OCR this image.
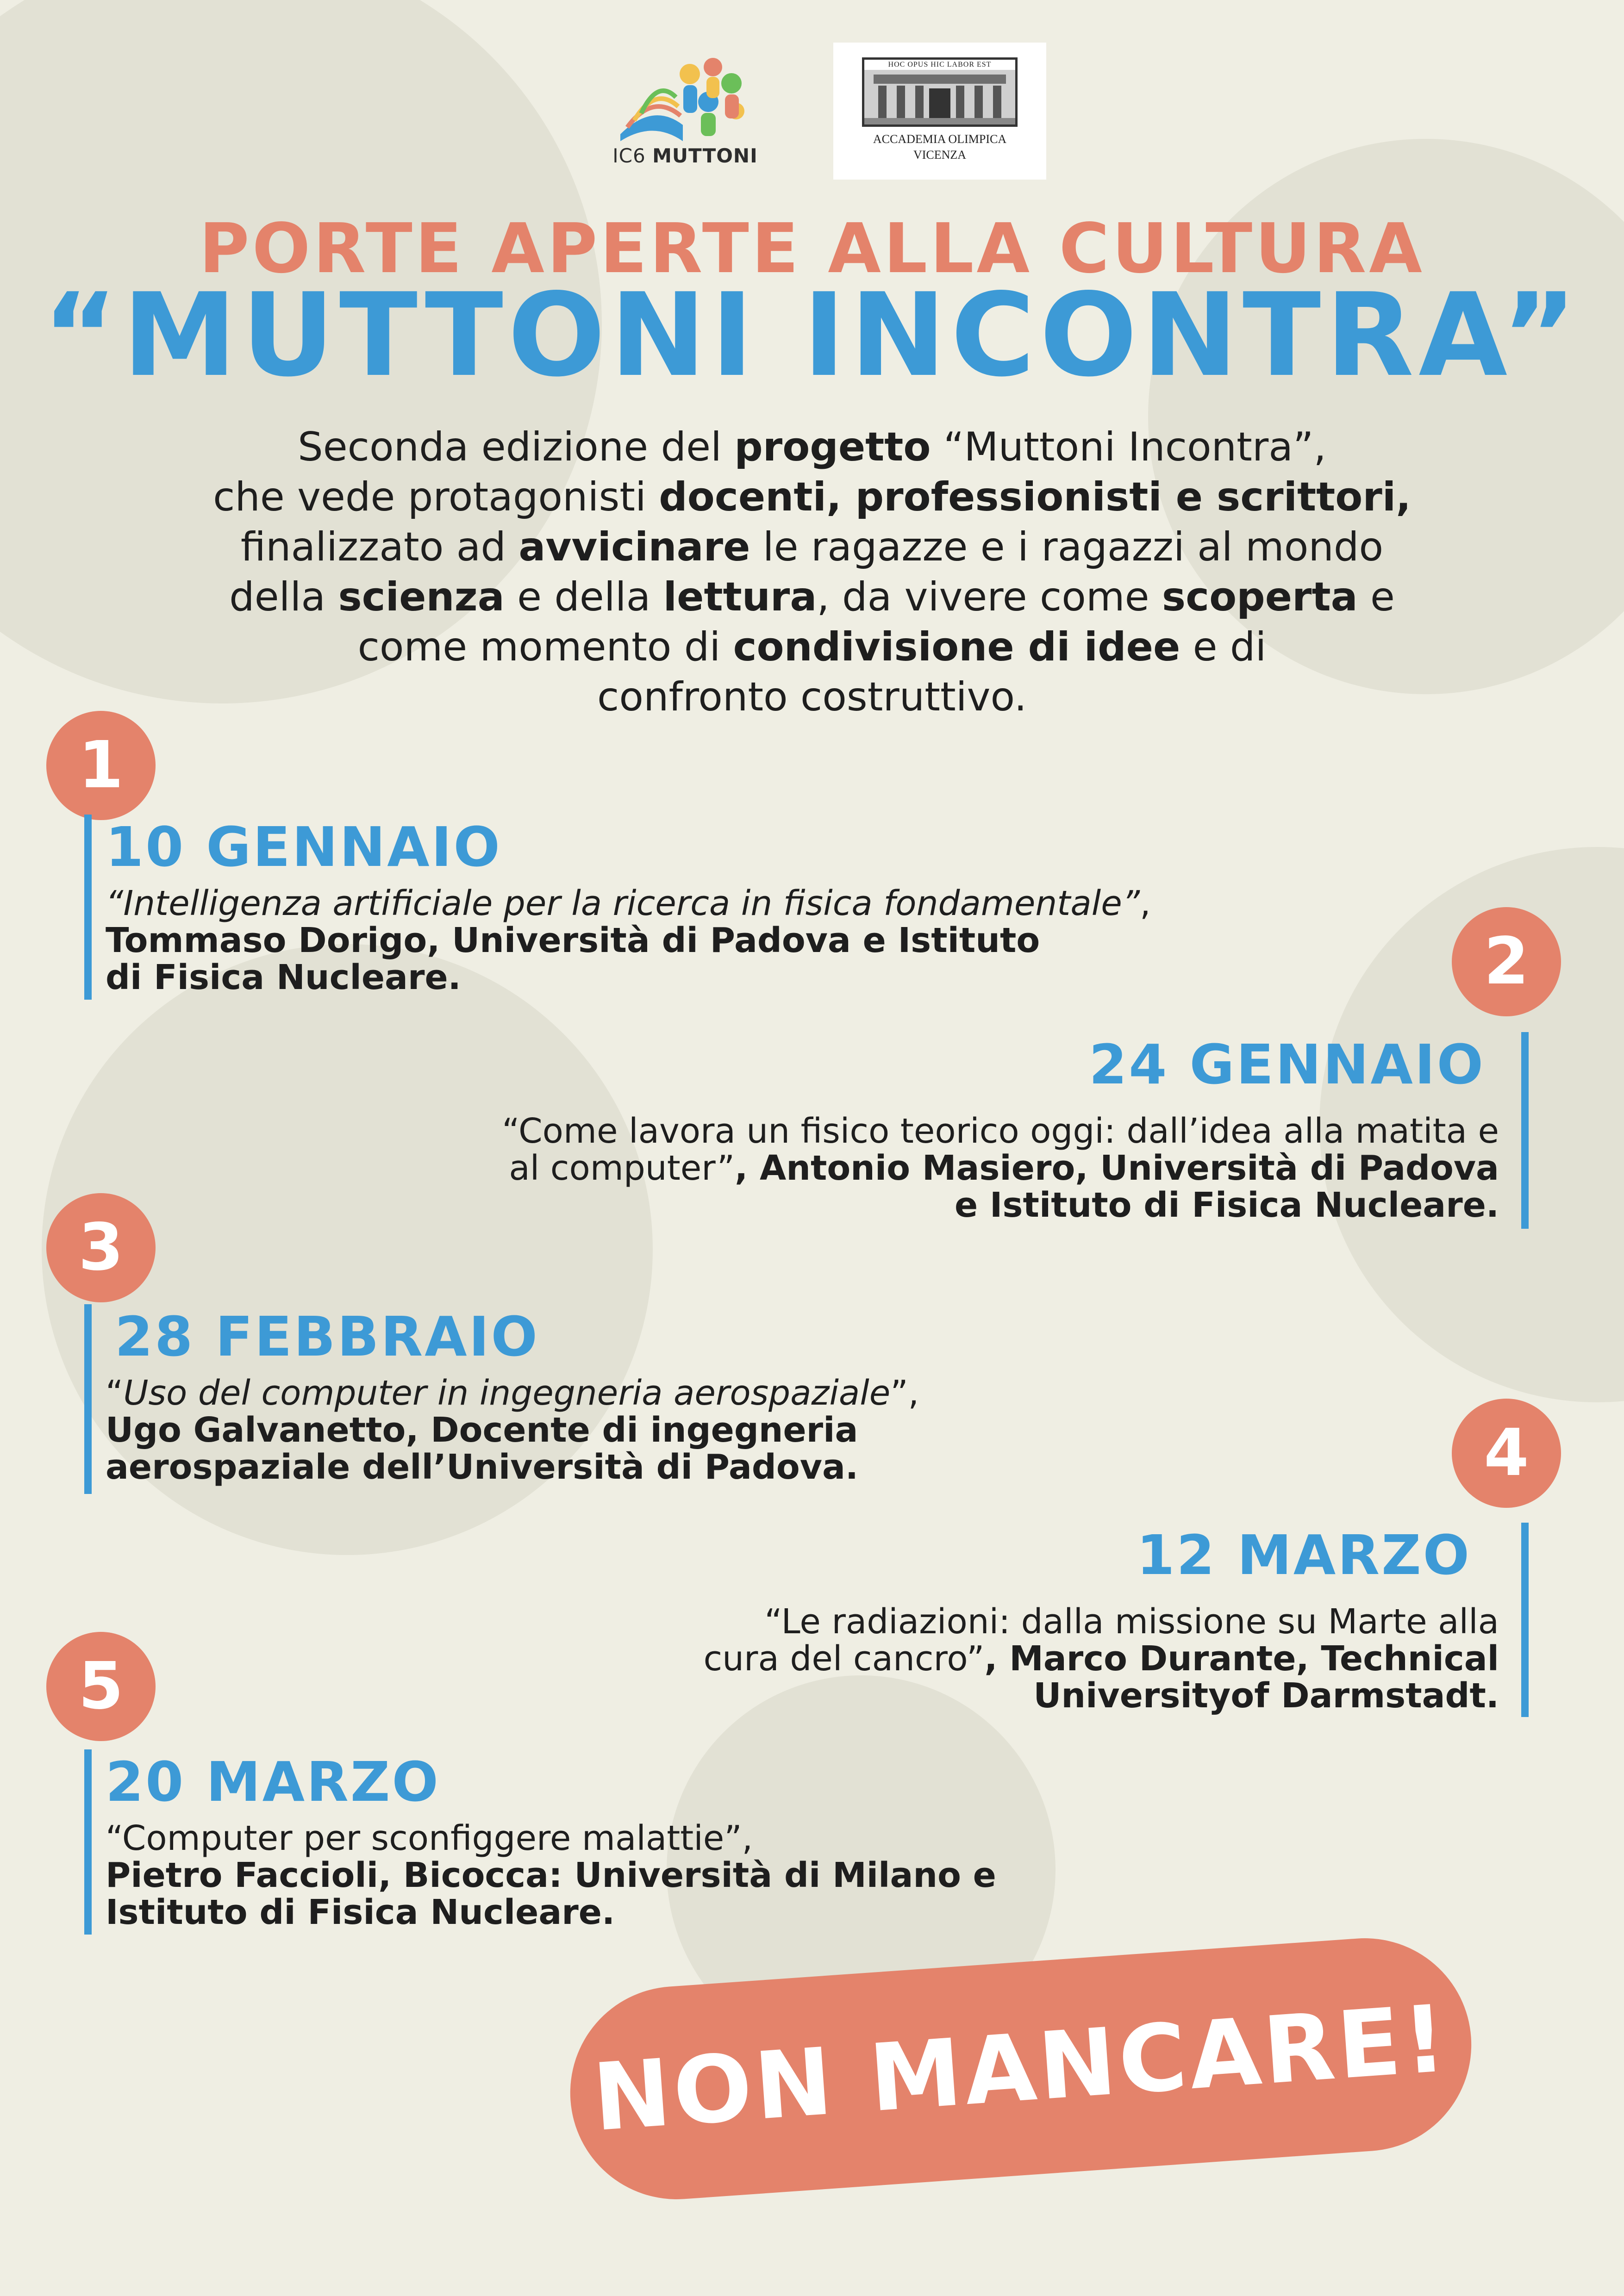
IC6 MUTTONI
HOC OPUS HIC LABOR EST
ACCADEMIA OLIMPICA
VICENZA
PORTE APERTE ALLA CULTURA
“MUTTONI INCONTRA”
Seconda edizione del progetto “Muttoni Incontra”,
che vede protagonisti docenti, professionisti e scrittori,
finalizzato ad avvicinare le ragazze e i ragazzi al mondo
della scienza e della lettura, da vivere come scoperta e
come momento di condivisione di idee e di
confronto costruttivo.
1
10 GENNAIO
“Intelligenza artificiale per la ricerca in fisica fondamentale”,
Tommaso Dorigo, Università di Padova e Istituto
di Fisica Nucleare.	2
24 GENNAIO
“Come lavora un fisico teorico oggi: dall’idea alla matita e
al computer”, Antonio Masiero, Università di Padova
e Istituto di Fisica Nucleare.
3
28 FEBBRAIO
“Uso del computer in ingegneria aerospaziale”,
Ugo Galvanetto, Docente di ingegneria
aerospaziale dell’Università di Padova.	4
12 MARZO
“Le radiazioni: dalla missione su Marte alla
cura del cancro”, Marco Durante, Technical
Universityof Darmstadt.
5
20 MARZO
“Computer per sconfiggere malattie”,
Pietro Faccioli, Bicocca: Università di Milano e
Istituto di Fisica Nucleare.
NON MANCARE!
